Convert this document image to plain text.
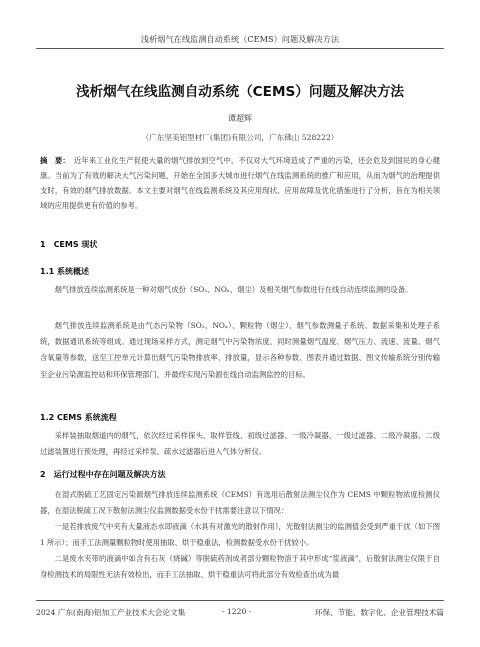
浅析烟气在线监测自动系统（CEMS）问题及解决方法
浅析烟气在线监测自动系统（CEMS）问题及解决方法
谭超辉
（广东坚美铝型材厂(集团)有限公司，广东佛山 528222）
摘　要： 近年来工业化生产促使大量的烟气排放到空气中，不仅对大气环境造成了严重的污染，还会危及到国民的身心健康。当前为了有效的解决大气污染问题，开始在全国多大城市进行烟气在线监测系统的推广和应用，从而为烟气的治理提供支时，有效的烟气排放数据。本文主要对烟气在线监测系统及其应用现状、应用故障及优化措施进行了分析，旨在为相关领域的应用提供更有价值的参考。
1　CEMS 现状
1.1 系统概述
烟气排放连续监测系统是一种对烟气成份（SO₂、NOₓ、烟尘）及相关烟气参数进行在线自动连续监测的设备。
烟气排放连续监测系统是由气态污染物（SO₂、NOₓ）、颗粒物（烟尘）、烟气参数测量子系统、数据采集和处理子系统，数据通讯系统等组成。通过现场采样方式，测定烟气中污染物浓度，同时测量烟气温度、烟气压力、流速、流量、烟气含氧量等参数，送至工控单元计算出烟气污染物排放率、排放量，显示各种参数、图表并通过数据、图文传输系统分别传输至企业污染源监控站和环保管理部门，并最终实现污染源在线自动监测监控的目标。
1.2 CEMS 系统流程
采样装抽取烟道内的烟气，依次经过采样探头、取样管线、初级过滤器、一级冷凝器、一级过滤器、二级冷凝器、二级过滤装置进行预处理，再经过采样泵、疏水过滤器后进入气体分析仪。
2　运行过程中存在问题及解决方法
在湿式脱硫工艺固定污染源烟气排放连续监测系统（CEMS）有选用后散射法测尘仪作为 CEMS 中颗粒物浓度检测仪器，在湿法脱硫工况下散射法测尘仪监测数据受水份干扰需要注意以下情况：
一是若排放废气中夹有大量液态水即液滴（水具有对激光的散射作用），光散射法测尘的监测值会受到严重干扰（如下图 1 所示）；而手工法测量颗粒物时使用抽取、烘干稳重法，检测数据受水份干扰较小。
二是废水夹带的液滴中如含有石灰（烧碱）等脱硫药剂成者部分颗粒物溶于其中形成“浆液滴”，后散射法测尘仪限于自身检测技术的局限性无法有效检出，而手工法抽取、烘干稳重法可将此部分有效检查出成为最
2024 广东(南海)铝加工产业技术大会论文集	- 1220 -	环保、节能、数字化、企业管理技术篇
